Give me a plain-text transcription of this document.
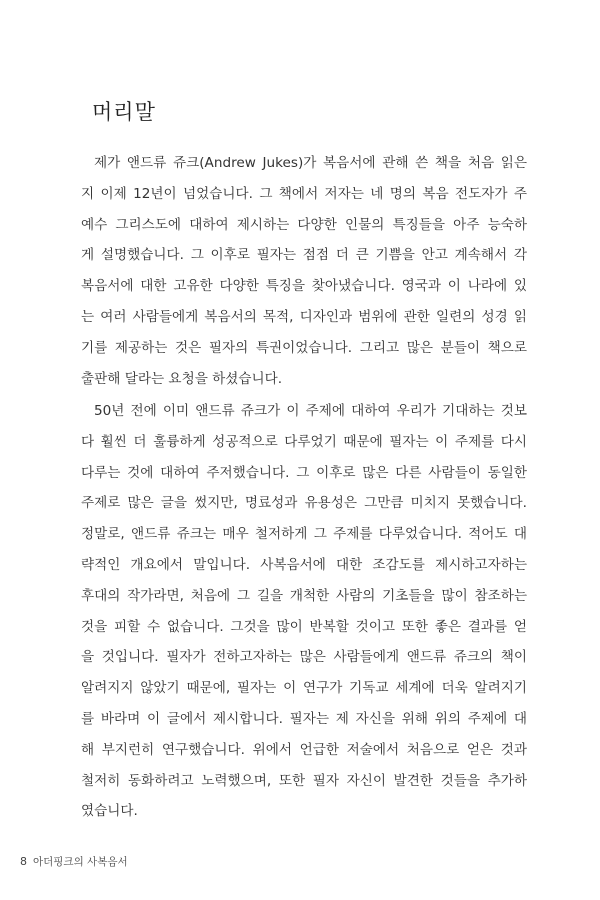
머리말

제가 앤드류 쥬크(Andrew Jukes)가 복음서에 관해 쓴 책을 처음 읽은
지 이제 12년이 넘었습니다. 그 책에서 저자는 네 명의 복음 전도자가 주
예수 그리스도에 대하여 제시하는 다양한 인물의 특징들을 아주 능숙하
게 설명했습니다. 그 이후로 필자는 점점 더 큰 기쁨을 안고 계속해서 각
복음서에 대한 고유한 다양한 특징을 찾아냈습니다. 영국과 이 나라에 있
는 여러 사람들에게 복음서의 목적, 디자인과 범위에 관한 일련의 성경 읽
기를 제공하는 것은 필자의 특권이었습니다. 그리고 많은 분들이 책으로
출판해 달라는 요청을 하셨습니다.

50년 전에 이미 앤드류 쥬크가 이 주제에 대하여 우리가 기대하는 것보
다 훨씬 더 훌륭하게 성공적으로 다루었기 때문에 필자는 이 주제를 다시
다루는 것에 대하여 주저했습니다. 그 이후로 많은 다른 사람들이 동일한
주제로 많은 글을 썼지만, 명료성과 유용성은 그만큼 미치지 못했습니다.
정말로, 앤드류 쥬크는 매우 철저하게 그 주제를 다루었습니다. 적어도 대
략적인 개요에서 말입니다. 사복음서에 대한 조감도를 제시하고자하는
후대의 작가라면, 처음에 그 길을 개척한 사람의 기초들을 많이 참조하는
것을 피할 수 없습니다. 그것을 많이 반복할 것이고 또한 좋은 결과를 얻
을 것입니다. 필자가 전하고자하는 많은 사람들에게 앤드류 쥬크의 책이
알려지지 않았기 때문에, 필자는 이 연구가 기독교 세계에 더욱 알려지기
를 바라며 이 글에서 제시합니다. 필자는 제 자신을 위해 위의 주제에 대
해 부지런히 연구했습니다. 위에서 언급한 저술에서 처음으로 얻은 것과
철저히 동화하려고 노력했으며, 또한 필자 자신이 발견한 것들을 추가하
였습니다.

8 아더핑크의 사복음서
